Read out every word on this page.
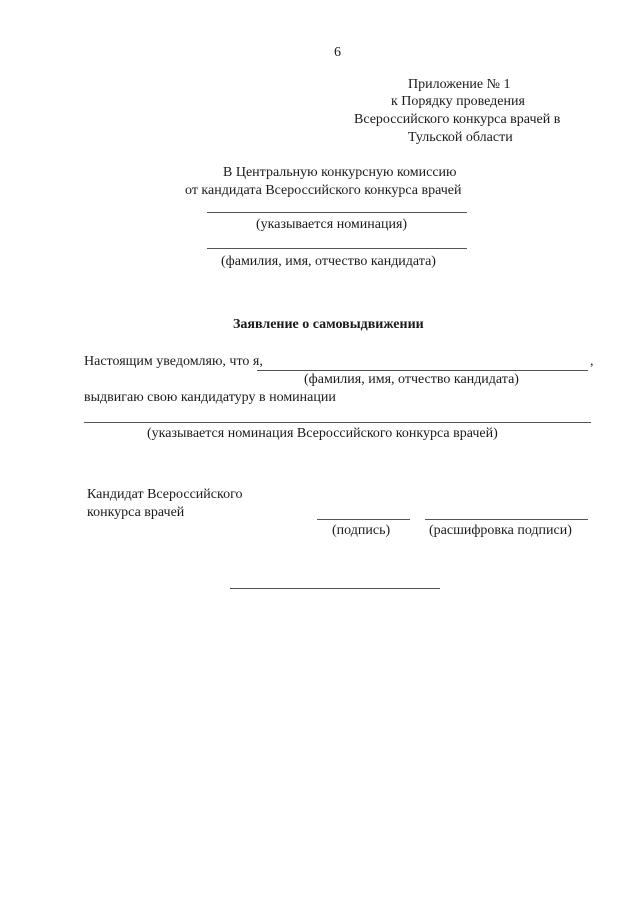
6
Приложение № 1
к Порядку проведения
Всероссийского конкурса врачей в
Тульской области
В Центральную конкурсную комиссию
от кандидата Всероссийского конкурса врачей
(указывается номинация)
(фамилия, имя, отчество кандидата)
Заявление о самовыдвижении
Настоящим уведомляю, что я,	,
(фамилия, имя, отчество кандидата)
выдвигаю свою кандидатуру в номинации
(указывается номинация Всероссийского конкурса врачей)
Кандидат Всероссийского
конкурса врачей
(подпись)	(расшифровка подписи)
